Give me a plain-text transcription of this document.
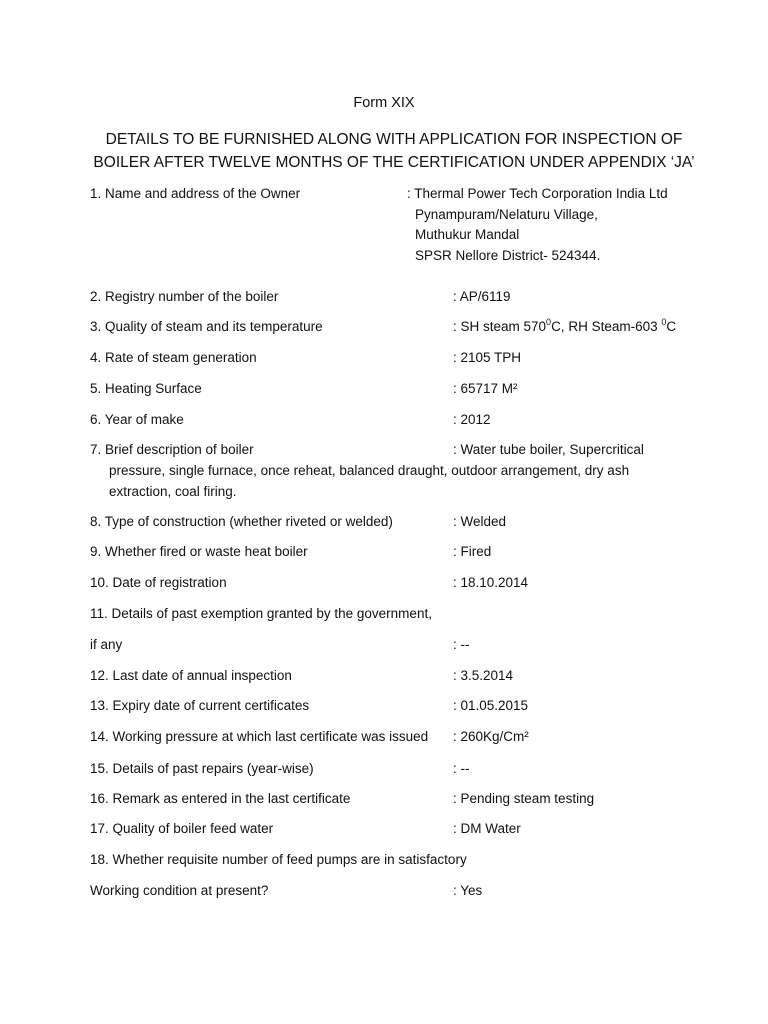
Form XIX
DETAILS TO BE FURNISHED ALONG WITH APPLICATION FOR INSPECTION OF
BOILER AFTER TWELVE MONTHS OF THE CERTIFICATION UNDER APPENDIX ‘JA’
1. Name and address of the Owner	: Thermal Power Tech Corporation India Ltd
Pynampuram/Nelaturu Village,
Muthukur Mandal
SPSR Nellore District- 524344.
2. Registry number of the boiler	: AP/6119
3. Quality of steam and its temperature	: SH steam $570^0C$, RH Steam-603 $^0$C
4. Rate of steam generation	: 2105 TPH
5. Heating Surface	: 65717 M²
6. Year of make	: 2012
7. Brief description of boiler	: Water tube boiler, Supercritical
pressure, single furnace, once reheat, balanced draught, outdoor arrangement, dry ash
extraction, coal firing.
8. Type of construction (whether riveted or welded)	: Welded
9. Whether fired or waste heat boiler	: Fired
10. Date of registration	: 18.10.2014
11. Details of past exemption granted by the government,
if any	: --
12. Last date of annual inspection	: 3.5.2014
13. Expiry date of current certificates	: 01.05.2015
14. Working pressure at which last certificate was issued : 260Kg/Cm²
15. Details of past repairs (year-wise)	: --
16. Remark as entered in the last certificate	: Pending steam testing
17. Quality of boiler feed water	: DM Water
18. Whether requisite number of feed pumps are in satisfactory
Working condition at present?	: Yes
